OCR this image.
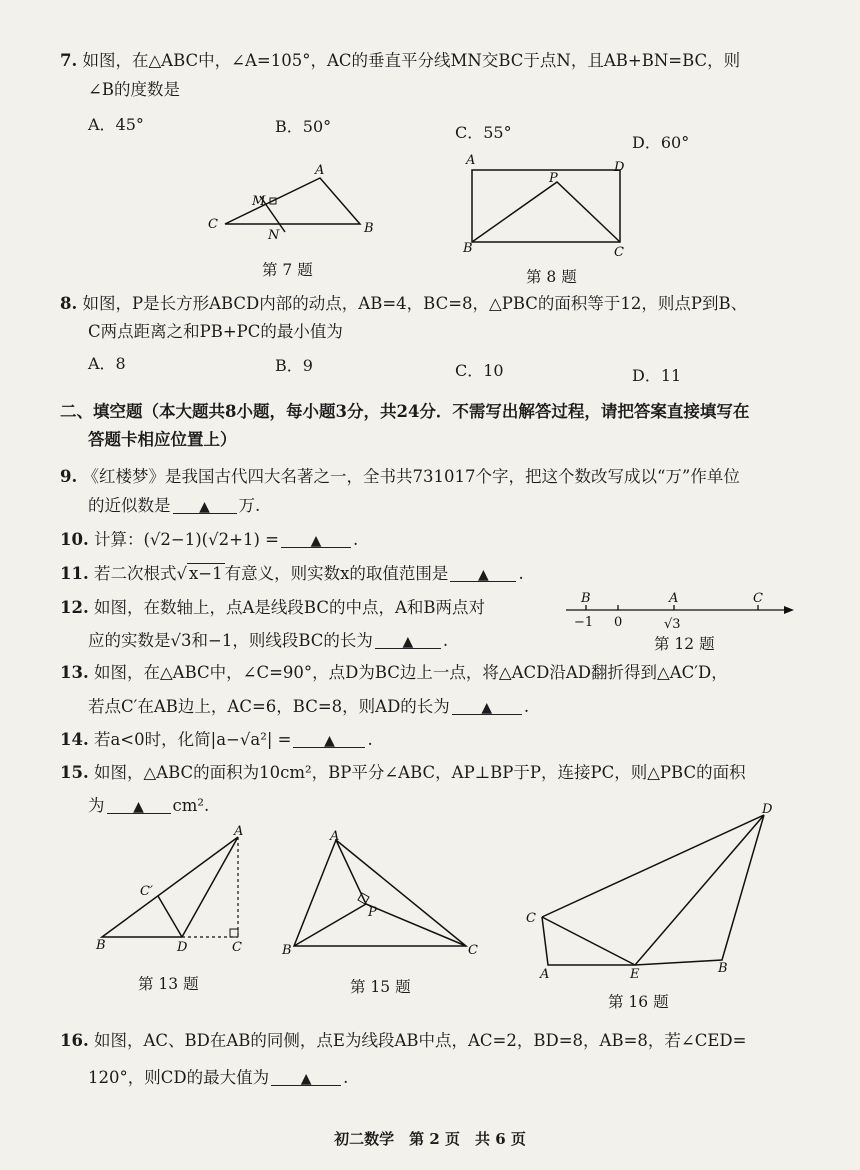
7. 如图，在△ABC中，∠A=105°，AC的垂直平分线MN交BC于点N，且AB+BN=BC，则
∠B的度数是
A．45°	B．50°	C．55°
D．60°
C
A
B
M
N
第 7 题
A	D
P
B	C
第 8 题
8. 如图，P是长方形ABCD内部的动点，AB=4，BC=8，△PBC的面积等于12，则点P到B、
C两点距离之和PB+PC的最小值为
A．8	B．9	C．10	D．11
二、填空题（本大题共8小题，每小题3分，共24分．不需写出解答过程，请把答案直接填写在
答题卡相应位置上）
9. 《红楼梦》是我国古代四大名著之一，全书共731017个字，把这个数改写成以“万”作单位
的近似数是 ▲ 万.
10. 计算：(√2−1)(√2+1) = ▲ .
11. 若二次根式√ x−1 有意义，则实数x的取值范围是 ▲ .
12. 如图，在数轴上，点A是线段BC的中点，A和B两点对
应的实数是√3和−1，则线段BC的长为 ▲ .
B	A	C
−1 0	√3
第 12 题
13. 如图，在△ABC中，∠C=90°，点D为BC边上一点，将△ACD沿AD翻折得到△AC′D，
若点C′在AB边上，AC=6，BC=8，则AD的长为 ▲ .
14. 若a<0时，化简|a−√a²| = ▲ .
15. 如图，△ABC的面积为10cm²，BP平分∠ABC，AP⊥BP于P，连接PC，则△PBC的面积
为 ▲ cm².
A
B	D	C
C′
第 13 题
A
B	C
P
第 15 题
D
C
A	E	B
第 16 题
16. 如图，AC、BD在AB的同侧，点E为线段AB中点，AC=2，BD=8，AB=8，若∠CED=
120°，则CD的最大值为 ▲ .
初二数学　第 2 页　共 6 页
